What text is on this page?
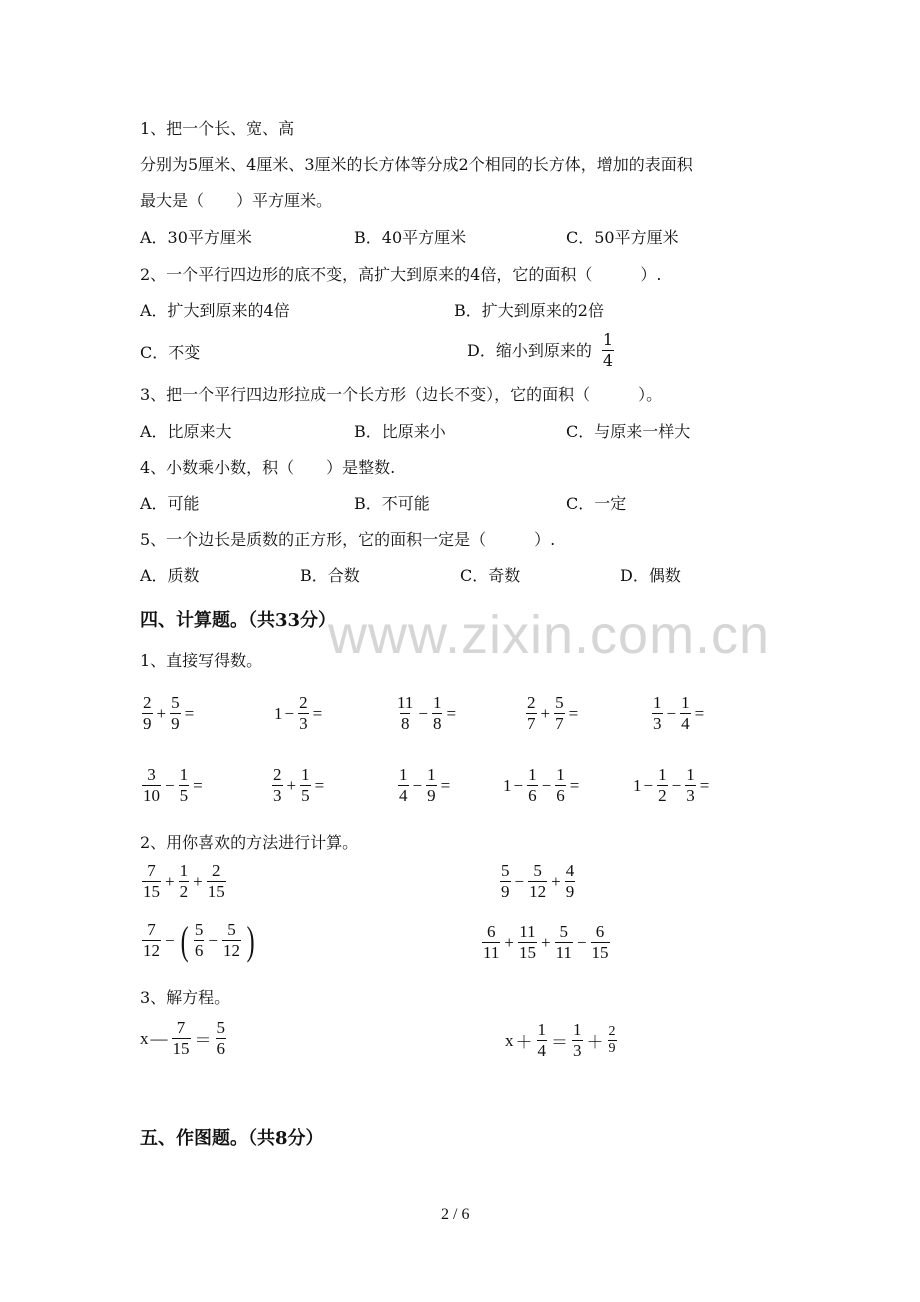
www.zixin.com.cn
1、把一个长、宽、高
分别为5厘米、4厘米、3厘米的长方体等分成2个相同的长方体，增加的表面积
最大是（　　）平方厘米。
A．30平方厘米	B．40平方厘米	C．50平方厘米
2、一个平行四边形的底不变，高扩大到原来的4倍，它的面积（　　　）.
A．扩大到原来的4倍	B．扩大到原来的2倍
C．不变	D．缩小到原来的 $\frac{1}{4}$
3、把一个平行四边形拉成一个长方形（边长不变），它的面积（　　　）。
A．比原来大	B．比原来小	C．与原来一样大
4、小数乘小数，积（　　）是整数.
A．可能	B．不可能	C．一定
5、一个边长是质数的正方形，它的面积一定是（　　　）.
A．质数	B．合数	C．奇数	D．偶数
四、计算题。（共33分）
1、直接写得数。
$\frac{2}{9} + \frac{5}{9}$ =	$1 - \frac{2}{3}$ =	$\frac{11}{8} - \frac{1}{8}$ =	$\frac{2}{7} + \frac{5}{7}$ =	$\frac{1}{3} - \frac{1}{4}$ =
$\frac{3}{10} - \frac{1}{5}$ =	$\frac{2}{3} + \frac{1}{5}$ =	$\frac{1}{4} - \frac{1}{9}$ =	$1 - \frac{1}{6} - \frac{1}{6}$ =	$1 - \frac{1}{2} - \frac{1}{3}$ =
2、用你喜欢的方法进行计算。
$\frac{7}{15} + \frac{1}{2} + \frac{2}{15}$	$\frac{5}{9} - \frac{5}{12} + \frac{4}{9}$
$\frac{7}{12}$ − ( $\frac{5}{6} - \frac{5}{12}$ )	$\frac{6}{11} + \frac{11}{15} + \frac{5}{11} - \frac{6}{15}$
3、解方程。
x — $\frac{7}{15} = \frac{5}{6}$	$x + \frac{1}{4} = \frac{1}{3} + \frac{2}{9}$
五、作图题。（共8分）
2 / 6
